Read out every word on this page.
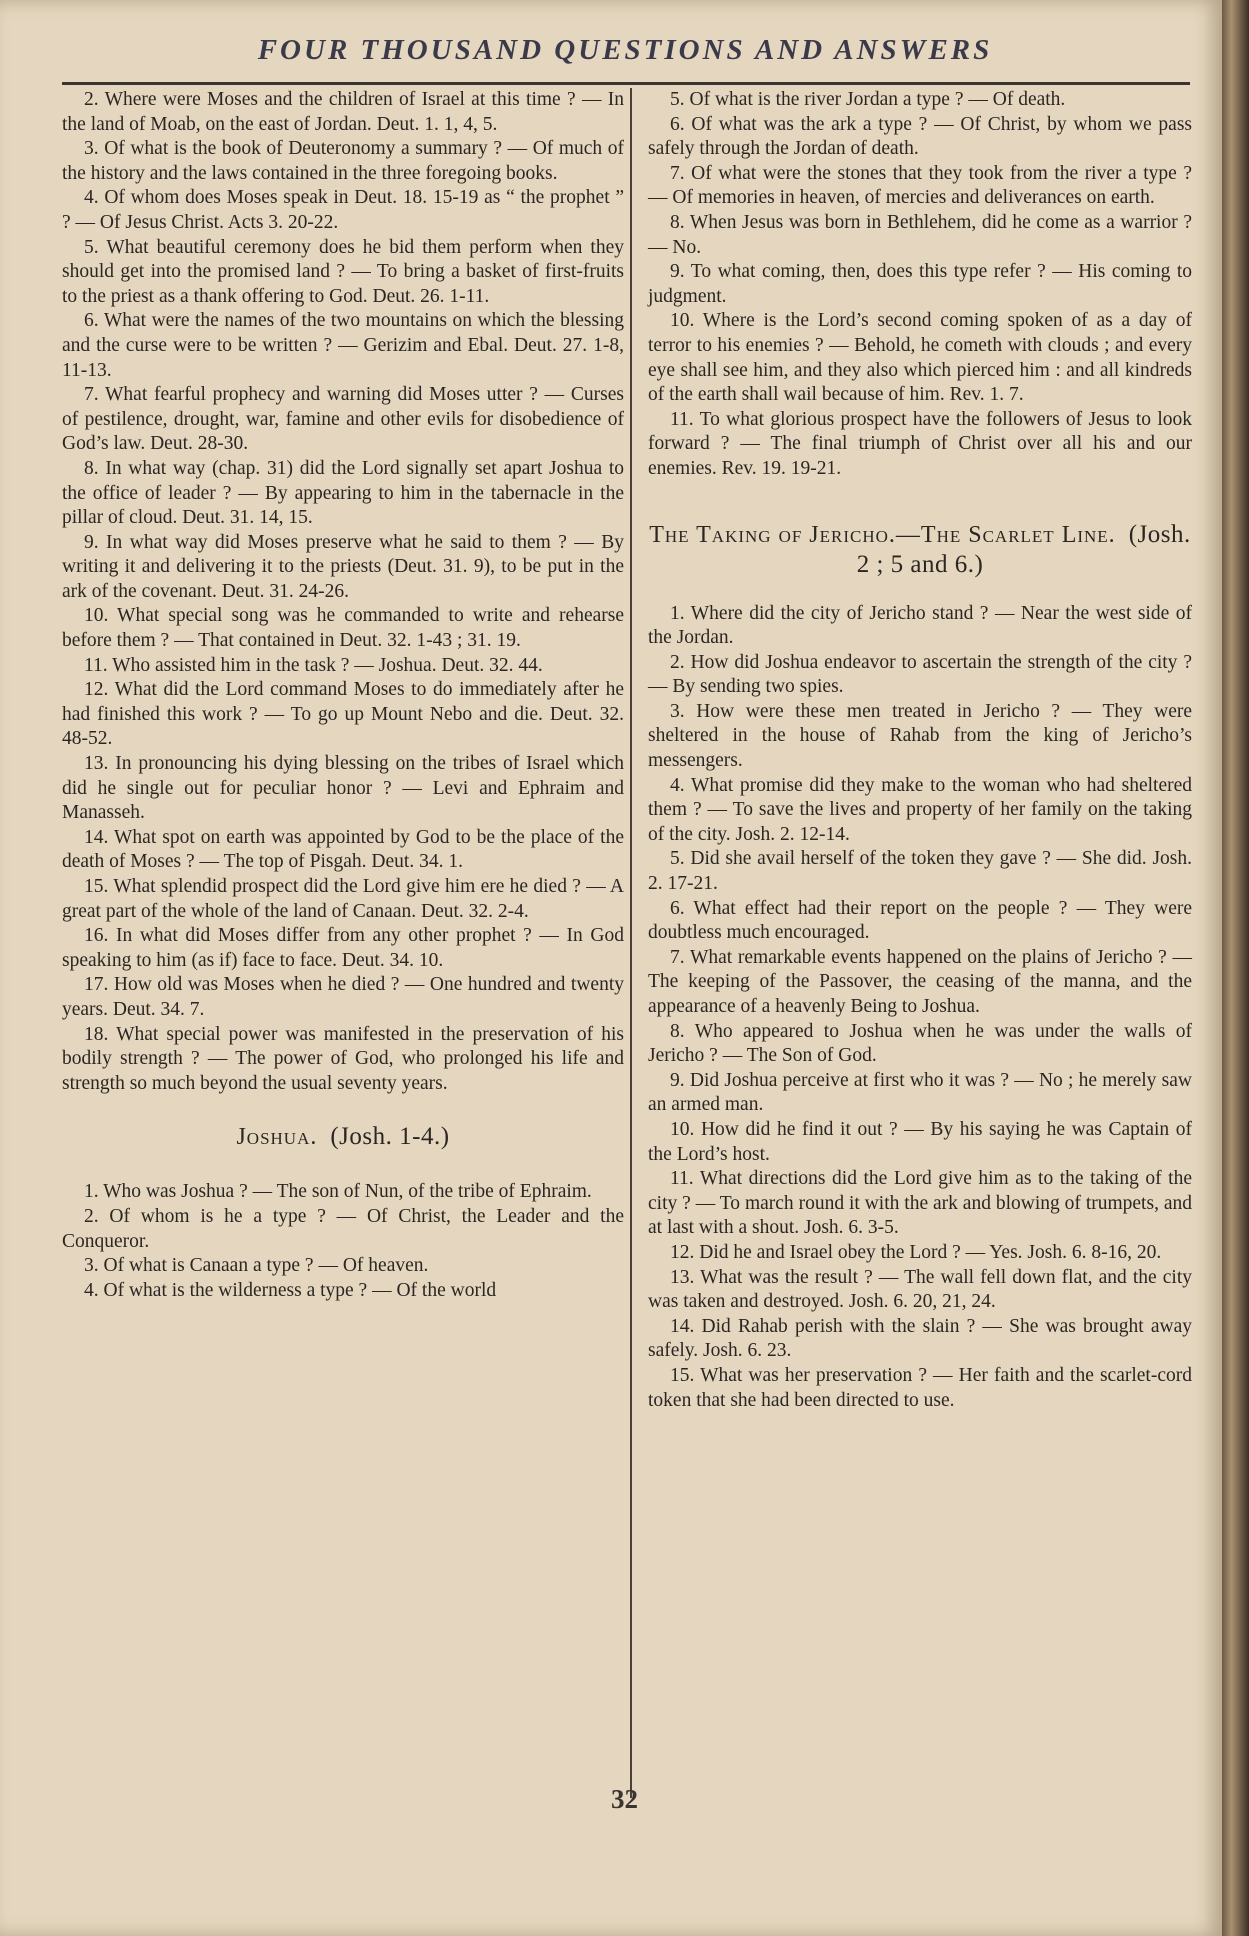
FOUR THOUSAND QUESTIONS AND ANSWERS

2. Where were Moses and the children of Israel at this time ? — In the land of Moab, on the east of Jordan. Deut. 1. 1, 4, 5.

3. Of what is the book of Deuteronomy a summary ? — Of much of the history and the laws contained in the three foregoing books.

4. Of whom does Moses speak in Deut. 18. 15-19 as “ the prophet ” ? — Of Jesus Christ. Acts 3. 20-22.

5. What beautiful ceremony does he bid them perform when they should get into the promised land ? — To bring a basket of first-fruits to the priest as a thank offering to God. Deut. 26. 1-11.

6. What were the names of the two mountains on which the blessing and the curse were to be written ? — Gerizim and Ebal. Deut. 27. 1-8, 11-13.

7. What fearful prophecy and warning did Moses utter ? — Curses of pestilence, drought, war, famine and other evils for disobedience of God’s law. Deut. 28-30.

8. In what way (chap. 31) did the Lord signally set apart Joshua to the office of leader ? — By appearing to him in the tabernacle in the pillar of cloud. Deut. 31. 14, 15.

9. In what way did Moses preserve what he said to them ? — By writing it and delivering it to the priests (Deut. 31. 9), to be put in the ark of the covenant. Deut. 31. 24-26.

10. What special song was he commanded to write and rehearse before them ? — That contained in Deut. 32. 1-43 ; 31. 19.

11. Who assisted him in the task ? — Joshua. Deut. 32. 44.

12. What did the Lord command Moses to do immediately after he had finished this work ? — To go up Mount Nebo and die. Deut. 32. 48-52.

13. In pronouncing his dying blessing on the tribes of Israel which did he single out for peculiar honor ? — Levi and Ephraim and Manasseh.

14. What spot on earth was appointed by God to be the place of the death of Moses ? — The top of Pisgah. Deut. 34. 1.

15. What splendid prospect did the Lord give him ere he died ? — A great part of the whole of the land of Canaan. Deut. 32. 2-4.

16. In what did Moses differ from any other prophet ? — In God speaking to him (as if) face to face. Deut. 34. 10.

17. How old was Moses when he died ? — One hundred and twenty years. Deut. 34. 7.

18. What special power was manifested in the preservation of his bodily strength ? — The power of God, who prolonged his life and strength so much beyond the usual seventy years.

Joshua. (Josh. 1-4.)

1. Who was Joshua ? — The son of Nun, of the tribe of Ephraim.

2. Of whom is he a type ? — Of Christ, the Leader and the Conqueror.

3. Of what is Canaan a type ? — Of heaven.

4. Of what is the wilderness a type ? — Of the world

5. Of what is the river Jordan a type ? — Of death.

6. Of what was the ark a type ? — Of Christ, by whom we pass safely through the Jordan of death.

7. Of what were the stones that they took from the river a type ? — Of memories in heaven, of mercies and deliverances on earth.

8. When Jesus was born in Bethlehem, did he come as a warrior ? — No.

9. To what coming, then, does this type refer ? — His coming to judgment.

10. Where is the Lord’s second coming spoken of as a day of terror to his enemies ? — Behold, he cometh with clouds ; and every eye shall see him, and they also which pierced him : and all kindreds of the earth shall wail because of him. Rev. 1. 7.

11. To what glorious prospect have the followers of Jesus to look forward ? — The final triumph of Christ over all his and our enemies. Rev. 19. 19-21.

The Taking of Jericho.—The Scarlet Line. (Josh. 2 ; 5 and 6.)

1. Where did the city of Jericho stand ? — Near the west side of the Jordan.

2. How did Joshua endeavor to ascertain the strength of the city ? — By sending two spies.

3. How were these men treated in Jericho ? — They were sheltered in the house of Rahab from the king of Jericho’s messengers.

4. What promise did they make to the woman who had sheltered them ? — To save the lives and property of her family on the taking of the city. Josh. 2. 12-14.

5. Did she avail herself of the token they gave ? — She did. Josh. 2. 17-21.

6. What effect had their report on the people ? — They were doubtless much encouraged.

7. What remarkable events happened on the plains of Jericho ? — The keeping of the Passover, the ceasing of the manna, and the appearance of a heavenly Being to Joshua.

8. Who appeared to Joshua when he was under the walls of Jericho ? — The Son of God.

9. Did Joshua perceive at first who it was ? — No ; he merely saw an armed man.

10. How did he find it out ? — By his saying he was Captain of the Lord’s host.

11. What directions did the Lord give him as to the taking of the city ? — To march round it with the ark and blowing of trumpets, and at last with a shout. Josh. 6. 3-5.

12. Did he and Israel obey the Lord ? — Yes. Josh. 6. 8-16, 20.

13. What was the result ? — The wall fell down flat, and the city was taken and destroyed. Josh. 6. 20, 21, 24.

14. Did Rahab perish with the slain ? — She was brought away safely. Josh. 6. 23.

15. What was her preservation ? — Her faith and the scarlet-cord token that she had been directed to use.

32
